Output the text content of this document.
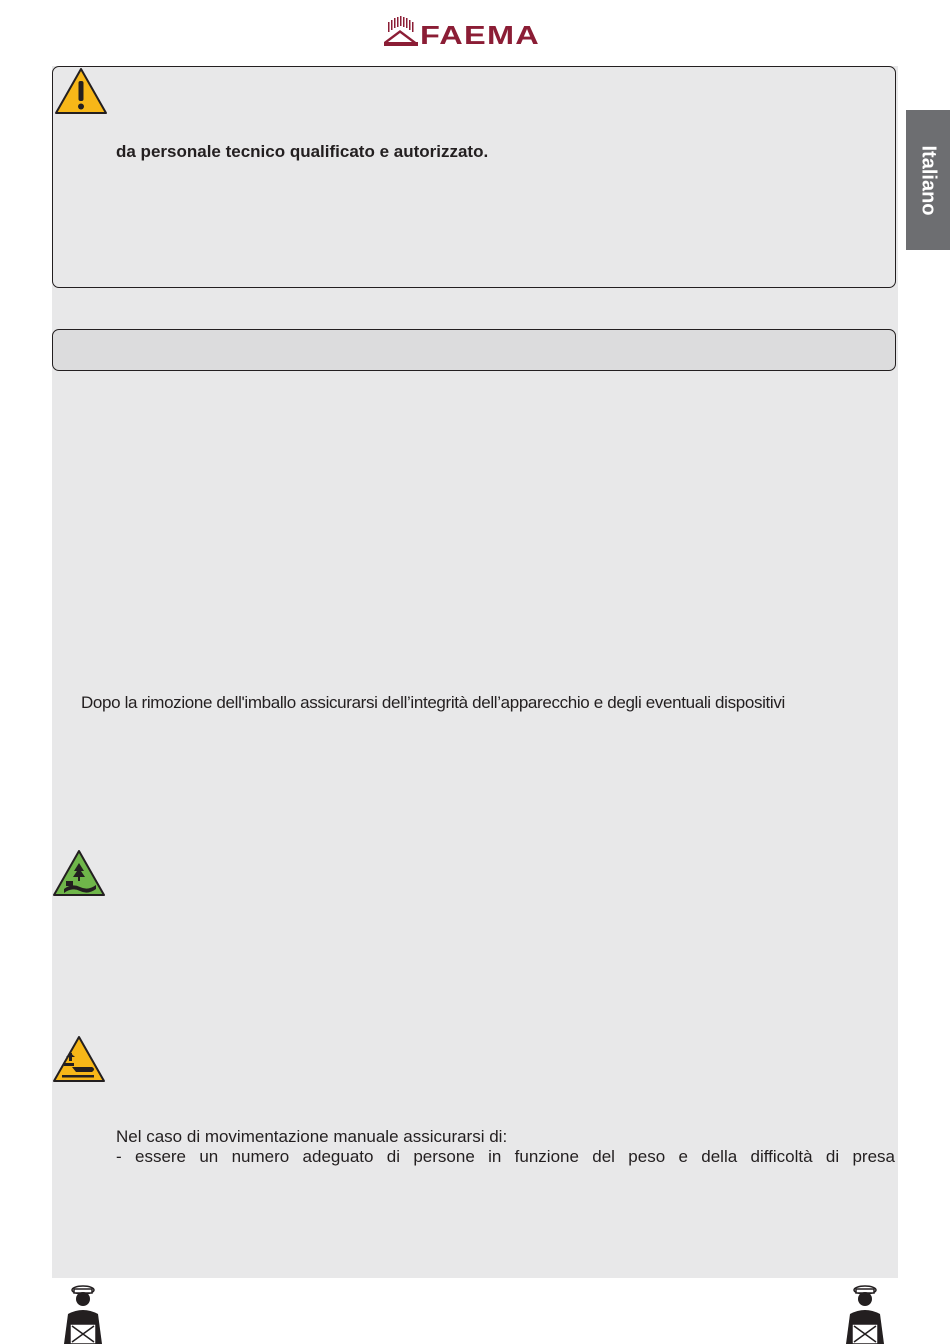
FAEMA
da personale tecnico qualificato e autorizzato.	Italiano
Dopo la rimozione dell'imballo assicurarsi dell’integrità dell’apparecchio e degli eventuali dispositivi
Nel caso di movimentazione manuale assicurarsi di:
- essere un numero adeguato di persone in funzione del peso e della difficoltà di presa
